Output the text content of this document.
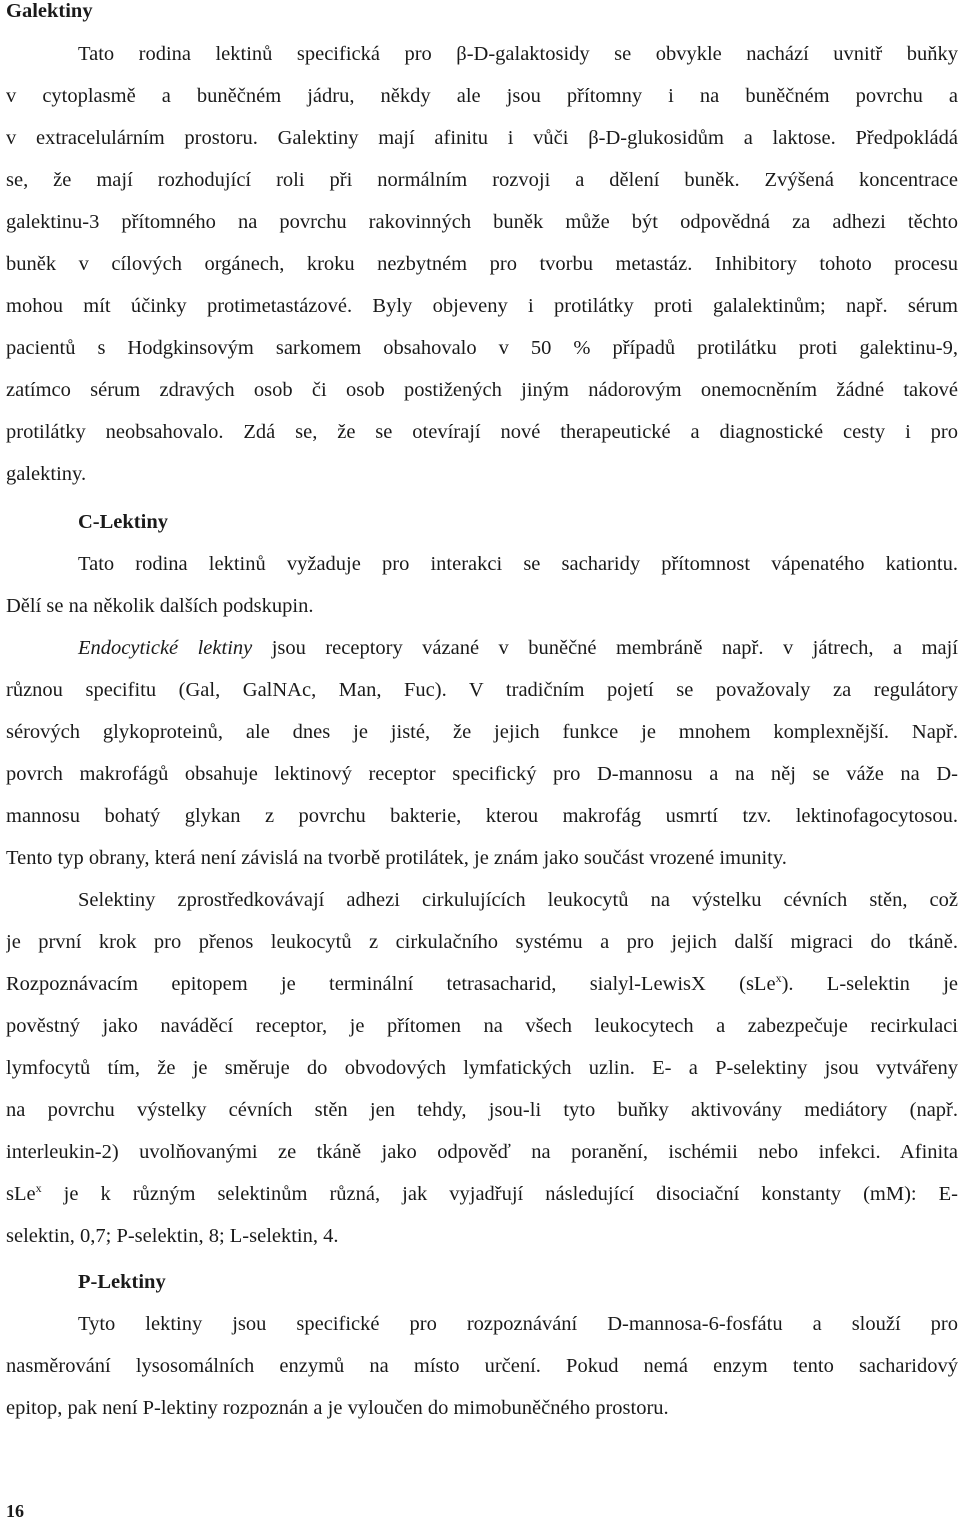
Galektiny
Tato rodina lektinů specifická pro β-D-galaktosidy se obvykle nachází uvnitř buňky
v cytoplasmě a buněčném jádru, někdy ale jsou přítomny i na buněčném povrchu a
v extracelulárním prostoru. Galektiny mají afinitu i vůči β-D-glukosidům a laktose. Předpokládá
se, že mají rozhodující roli při normálním rozvoji a dělení buněk. Zvýšená koncentrace
galektinu-3 přítomného na povrchu rakovinných buněk může být odpovědná za adhezi těchto
buněk v cílových orgánech, kroku nezbytném pro tvorbu metastáz. Inhibitory tohoto procesu
mohou mít účinky protimetastázové. Byly objeveny i protilátky proti galalektinům; např. sérum
pacientů s Hodgkinsovým sarkomem obsahovalo v 50 % případů protilátku proti galektinu-9,
zatímco sérum zdravých osob či osob postižených jiným nádorovým onemocněním žádné takové
protilátky neobsahovalo. Zdá se, že se otevírají nové therapeutické a diagnostické cesty i pro
galektiny.
C-Lektiny
Tato rodina lektinů vyžaduje pro interakci se sacharidy přítomnost vápenatého kationtu.
Dělí se na několik dalších podskupin.
Endocytické lektiny jsou receptory vázané v buněčné membráně např. v játrech, a mají
různou specifitu (Gal, GalNAc, Man, Fuc). V tradičním pojetí se považovaly za regulátory
sérových glykoproteinů, ale dnes je jisté, že jejich funkce je mnohem komplexnější. Např.
povrch makrofágů obsahuje lektinový receptor specifický pro D-mannosu a na něj se váže na D-
mannosu bohatý glykan z povrchu bakterie, kterou makrofág usmrtí tzv. lektinofagocytosou.
Tento typ obrany, která není závislá na tvorbě protilátek, je znám jako součást vrozené imunity.
Selektiny zprostředkovávají adhezi cirkulujících leukocytů na výstelku cévních stěn, což
je první krok pro přenos leukocytů z cirkulačního systému a pro jejich další migraci do tkáně.
Rozpoznávacím epitopem je terminální tetrasacharid, sialyl-LewisX (sLe$^x$). L-selektin je
pověstný jako naváděcí receptor, je přítomen na všech leukocytech a zabezpečuje recirkulaci
lymfocytů tím, že je směruje do obvodových lymfatických uzlin. E- a P-selektiny jsou vytvářeny
na povrchu výstelky cévních stěn jen tehdy, jsou-li tyto buňky aktivovány mediátory (např.
interleukin-2) uvolňovanými ze tkáně jako odpověď na poranění, ischémii nebo infekci. Afinita
sLe$^x$ je k různým selektinům různá, jak vyjadřují následující disociační konstanty (mM): E-
selektin, 0,7; P-selektin, 8; L-selektin, 4.
P-Lektiny
Tyto lektiny jsou specifické pro rozpoznávání D-mannosa-6-fosfátu a slouží pro
nasměrování lysosomálních enzymů na místo určení. Pokud nemá enzym tento sacharidový
epitop, pak není P-lektiny rozpoznán a je vyloučen do mimobuněčného prostoru.
16
